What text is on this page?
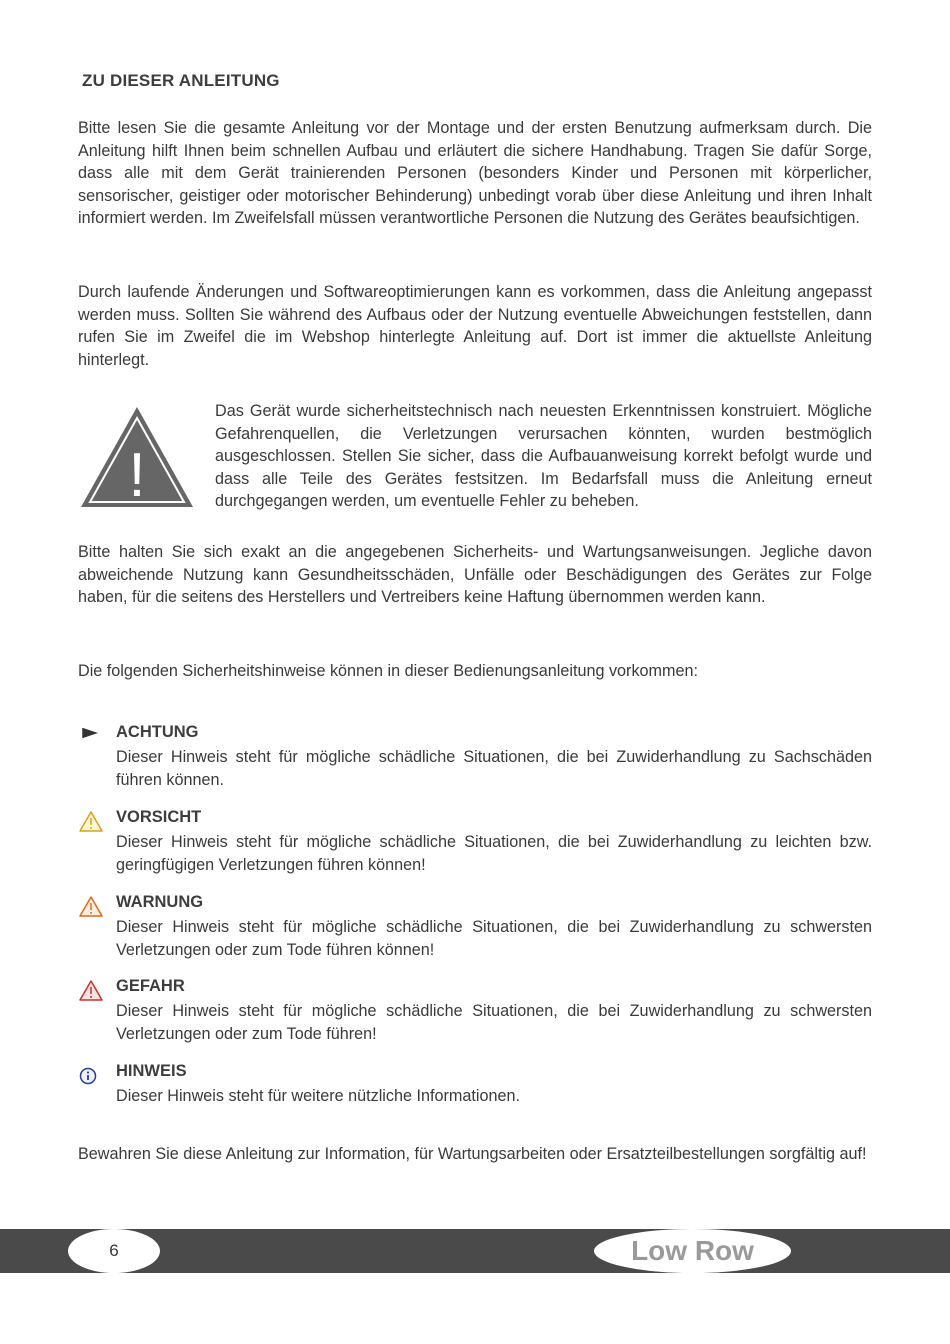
ZU DIESER ANLEITUNG

Bitte lesen Sie die gesamte Anleitung vor der Montage und der ersten Benutzung aufmerksam durch. Die Anleitung hilft Ihnen beim schnellen Aufbau und erläutert die sichere Handhabung. Tragen Sie dafür Sorge, dass alle mit dem Gerät trainierenden Personen (besonders Kinder und Personen mit körperlicher, sensorischer, geistiger oder motorischer Behinderung) unbedingt vorab über diese Anleitung und ihren Inhalt informiert werden. Im Zweifelsfall müssen verantwortliche Personen die Nutzung des Gerätes beaufsichtigen.

Durch laufende Änderungen und Softwareoptimierungen kann es vorkommen, dass die Anleitung angepasst werden muss. Sollten Sie während des Aufbaus oder der Nutzung eventuelle Abweichungen feststellen, dann rufen Sie im Zweifel die im Webshop hinterlegte Anleitung auf. Dort ist immer die aktuellste Anleitung hinterlegt.

!

Das Gerät wurde sicherheitstechnisch nach neuesten Erkenntnissen konstruiert. Mögliche Gefahrenquellen, die Verletzungen verursachen könnten, wurden bestmöglich ausgeschlossen. Stellen Sie sicher, dass die Aufbauanweisung korrekt befolgt wurde und dass alle Teile des Gerätes festsitzen. Im Bedarfsfall muss die Anleitung erneut durchgegangen werden, um eventuelle Fehler zu beheben.

Bitte halten Sie sich exakt an die angegebenen Sicherheits- und Wartungsanweisungen. Jegliche davon abweichende Nutzung kann Gesundheitsschäden, Unfälle oder Beschädigungen des Gerätes zur Folge haben, für die seitens des Herstellers und Vertreibers keine Haftung übernommen werden kann.

Die folgenden Sicherheitshinweise können in dieser Bedienungsanleitung vorkommen:

ACHTUNG

Dieser Hinweis steht für mögliche schädliche Situationen, die bei Zuwiderhandlung zu Sachschäden führen können.

VORSICHT

Dieser Hinweis steht für mögliche schädliche Situationen, die bei Zuwiderhandlung zu leichten bzw. geringfügigen Verletzungen führen können!

WARNUNG

Dieser Hinweis steht für mögliche schädliche Situationen, die bei Zuwiderhandlung zu schwersten Verletzungen oder zum Tode führen können!

GEFAHR

Dieser Hinweis steht für mögliche schädliche Situationen, die bei Zuwiderhandlung zu schwersten Verletzungen oder zum Tode führen!

HINWEIS

Dieser Hinweis steht für weitere nützliche Informationen.

Bewahren Sie diese Anleitung zur Information, für Wartungsarbeiten oder Ersatzteilbestellungen sorgfältig auf!

6	Low Row
